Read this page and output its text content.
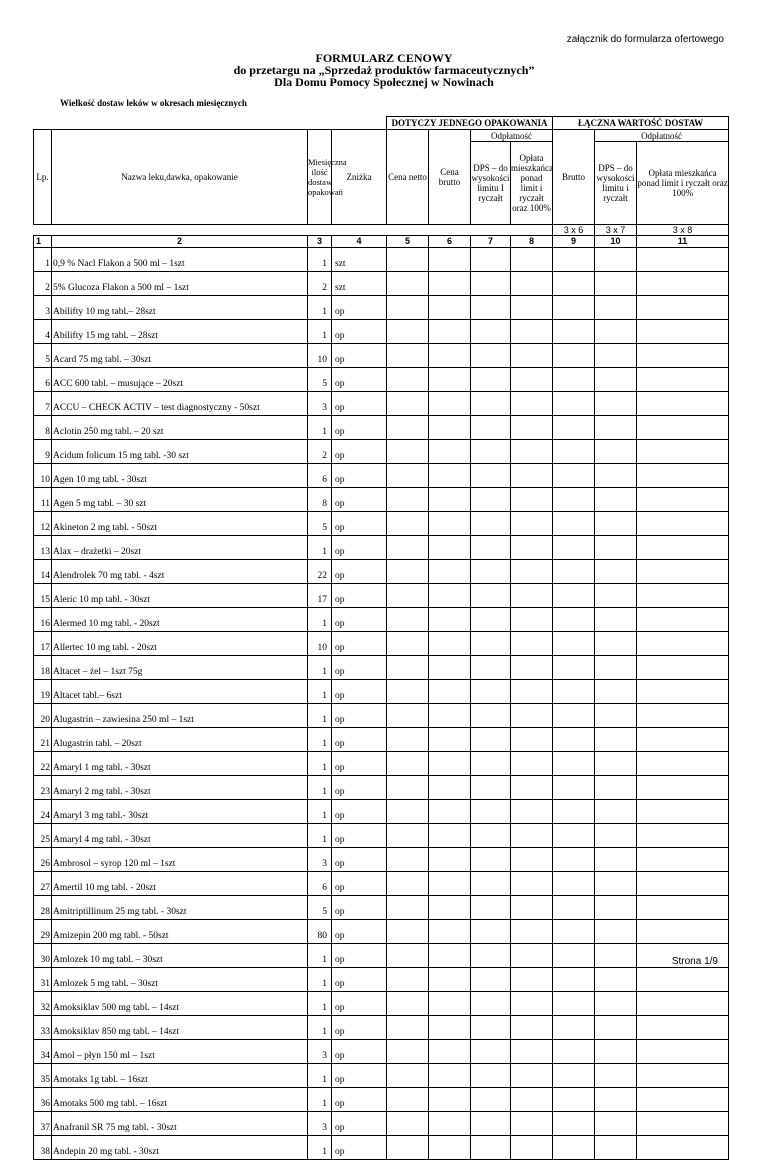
załącznik do formularza ofertowego
FORMULARZ CENOWY
do przetargu na „Sprzedaż produktów farmaceutycznych”
Dla Domu Pomocy Społecznej w Nowinach
Wielkość dostaw leków w okresach miesięcznych
				DOTYCZY JEDNEGO OPAKOWANIA				ŁĄCZNA WARTOŚĆ DOSTAW		
Lp.	Nazwa leku,dawka, opakowanie	Miesięczna ilość dostaw opakowań	Zniżka	Cena netto	Cena brutto	Odpłatność		Brutto	Odpłatność	
						DPS – do wysokości limitu I ryczałt	Opłata mieszkańca ponad limit i ryczałt oraz 100%		DPS – do wysokości limitu i ryczałt	Opłata mieszkańca ponad limit i ryczałt oraz 100%
								3 x 6	3 x 7	3 x 8
1	2	3	4	5	6	7	8	9	10	11
1	0,9 % Nacl Flakon a 500 ml – 1szt	1	szt							
2	5% Glucoza Flakon a 500 ml – 1szt	2	szt							
3	Abilifty 10 mg tabl.– 28szt	1	op							
4	Abilifty 15 mg tabl. – 28szt	1	op							
5	Acard 75 mg tabl. – 30szt	10	op							
6	ACC 600 tabl. – musujące – 20szt	5	op							
7	ACCU – CHECK ACTIV – test diagnostyczny - 50szt	3	op							
8	Aclotin 250 mg tabl. – 20 szt	1	op							
9	Acidum folicum 15 mg tabl. -30 szt	2	op							
10	Agen 10 mg tabl. - 30szt	6	op							
11	Agen 5 mg tabl. – 30 szt	8	op							
12	Akineton 2 mg tabl. - 50szt	5	op							
13	Alax – drażetki – 20szt	1	op							
14	Alendrolek 70 mg tabl. - 4szt	22	op							
15	Aleric 10 mp tabl. - 30szt	17	op							
16	Alermed 10 mg tabl. - 20szt	1	op							
17	Allertec 10 mg tabl. - 20szt	10	op							
18	Altacet – żel – 1szt 75g	1	op							
19	Altacet tabl.– 6szt	1	op							
20	Alugastrin – zawiesina 250 ml – 1szt	1	op							
21	Alugastrin tabl. – 20szt	1	op							
22	Amaryl 1 mg tabl. - 30szt	1	op							
23	Amaryl 2 mg tabl. - 30szt	1	op							
24	Amaryl 3 mg tabl.- 30szt	1	op							
25	Amaryl 4 mg tabl. - 30szt	1	op							
26	Ambrosol – syrop 120 ml – 1szt	3	op							
27	Amertil 10 mg tabl. - 20szt	6	op							
28	Amitriptillinum 25 mg tabl. - 30szt	5	op							
29	Amizepin 200 mg tabl. - 50szt	80	op							
30	Amlozek 10 mg tabl. – 30szt	1	op							
31	Amlozek 5 mg tabl. – 30szt	1	op							
32	Amoksiklav 500 mg tabl. – 14szt	1	op							
33	Amoksiklav 850 mg tabl. – 14szt	1	op							
34	Amol – płyn 150 ml – 1szt	3	op							
35	Amotaks 1g tabl. – 16szt	1	op							
36	Amotaks 500 mg tabl. – 16szt	1	op							
37	Anafranil SR 75 mg tabl. - 30szt	3	op							
38	Andepin 20 mg tabl. - 30szt	1	op							
Strona 1/9
